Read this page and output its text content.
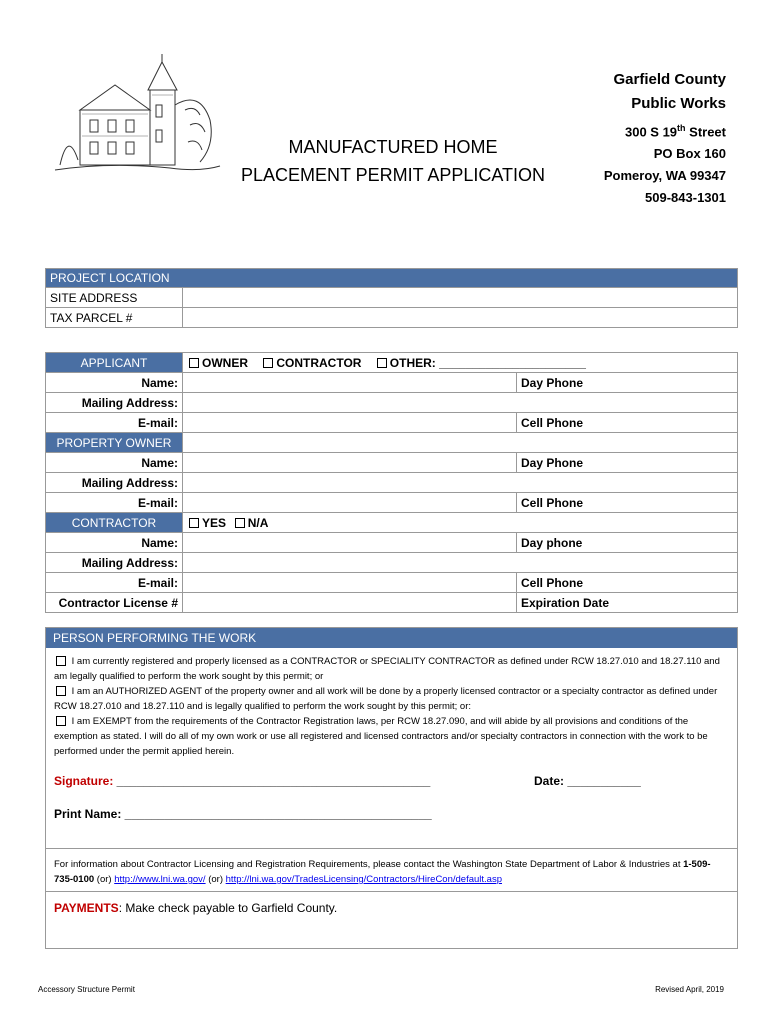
MANUFACTURED HOME
PLACEMENT PERMIT APPLICATION
Garfield County
Public Works
300 S 19th Street
PO Box 160
Pomeroy, WA 99347
509-843-1301
PROJECT LOCATION	
SITE ADDRESS	
TAX PARCEL #	
APPLICANT	OWNER CONTRACTOR OTHER: ______________________	
Name:		Day Phone
Mailing Address:		
E-mail:		Cell Phone
PROPERTY OWNER		
Name:		Day Phone
Mailing Address:		
E-mail:		Cell Phone
CONTRACTOR	YES N/A	
Name:		Day phone
Mailing Address:		
E-mail:		Cell Phone
Contractor License #		Expiration Date
PERSON PERFORMING THE WORK

I am currently registered and properly licensed as a CONTRACTOR or SPECIALITY CONTRACTOR as defined under RCW 18.27.010 and 18.27.110 and am legally qualified to perform the work sought by this permit; or

I am an AUTHORIZED AGENT of the property owner and all work will be done by a properly licensed contractor or a specialty contractor as defined under RCW 18.27.010 and 18.27.110 and is legally qualified to perform the work sought by this permit; or:

I am EXEMPT from the requirements of the Contractor Registration laws, per RCW 18.27.090, and will abide by all provisions and conditions of the exemption as stated. I will do all of my own work or use all registered and licensed contractors and/or specialty contractors in connection with the work to be performed under the permit applied herein.

Signature: _______________________________________________	Date: ___________
Print Name: ______________________________________________
For information about Contractor Licensing and Registration Requirements, please contact the Washington State Department of Labor & Industries at 1-509-735-0100 (or) http://www.lni.wa.gov/ (or) http://lni.wa.gov/TradesLicensing/Contractors/HireCon/default.asp
PAYMENTS: Make check payable to Garfield County.
Accessory Structure Permit	Revised April, 2019
